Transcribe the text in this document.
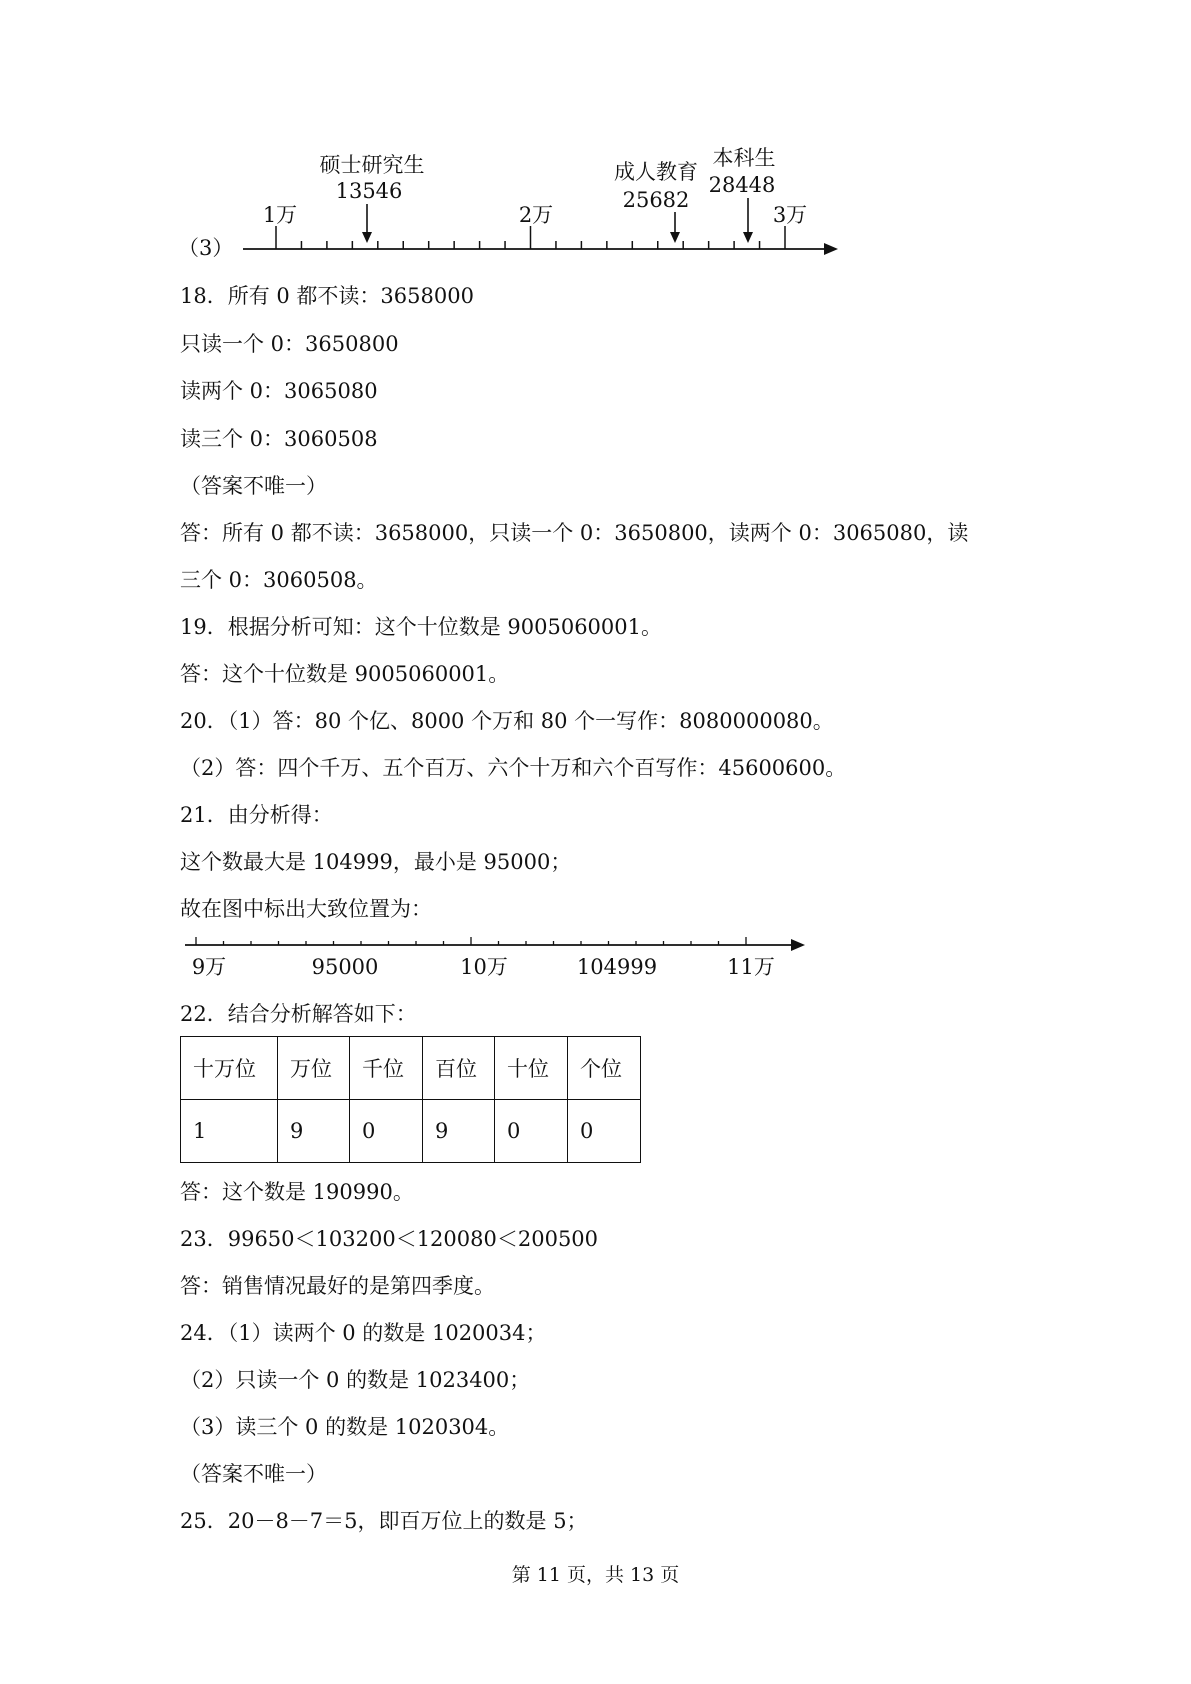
（3）
1万	2万	3万
硕士研究生
13546
成人教育
25682
本科生
28448
18．所有 0 都不读：3658000
只读一个 0：3650800
读两个 0：3065080
读三个 0：3060508
（答案不唯一）
答：所有 0 都不读：3658000，只读一个 0：3650800，读两个 0：3065080，读
三个 0：3060508。
19．根据分析可知：这个十位数是 9005060001。
答：这个十位数是 9005060001。
20．（1）答：80 个亿、8000 个万和 80 个一写作：8080000080。
（2）答：四个千万、五个百万、六个十万和六个百写作：45600600。
21．由分析得：
这个数最大是 104999，最小是 95000；
故在图中标出大致位置为：
9万	95000	10万	104999	11万
22．结合分析解答如下：
十万位	万位	千位	百位	十位	个位
1	9	0	9	0	0
答：这个数是 190990。
23．99650＜103200＜120080＜200500
答：销售情况最好的是第四季度。
24．（1）读两个 0 的数是 1020034；
（2）只读一个 0 的数是 1023400；
（3）读三个 0 的数是 1020304。
（答案不唯一）
25．20－8－7＝5，即百万位上的数是 5；
第 11 页，共 13 页
